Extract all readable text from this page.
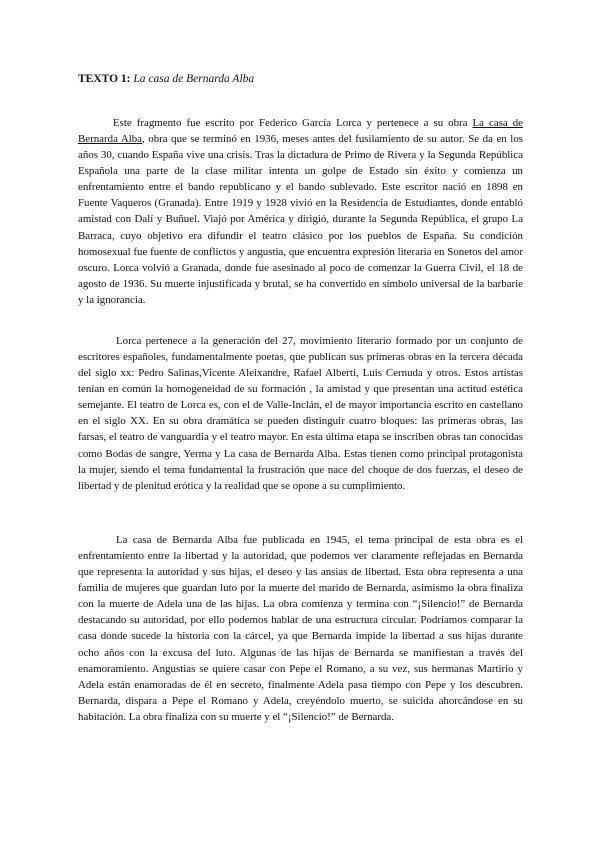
TEXTO 1: La casa de Bernarda Alba

Este fragmento fue escrito por Federico García Lorca y pertenece a su obra La casa de Bernarda Alba, obra que se terminó en 1936, meses antes del fusilamiento de su autor. Se da en los años 30, cuando España vive una crisis. Tras la dictadura de Primo de Rivera y la Segunda República Española una parte de la clase militar intenta un golpe de Estado sin éxito y comienza un enfrentamiento entre el bando republicano y el bando sublevado. Este escritor nació en 1898 en Fuente Vaqueros (Granada). Entre 1919 y 1928 vivió en la Residencia de Estudiantes, donde entabló amistad con Dalí y Buñuel. Viajó por América y dirigió, durante la Segunda República, el grupo La Barraca, cuyo objetivo era difundir el teatro clásico por los pueblos de España. Su condición homosexual fue fuente de conflictos y angustia, que encuentra expresión literaria en Sonetos del amor oscuro. Lorca volvió a Granada, donde fue asesinado al poco de comenzar la Guerra Civil, el 18 de agosto de 1936. Su muerte injustificada y brutal, se ha convertido en símbolo universal de la barbarie y la ignorancia.

Lorca pertenece a la generación del 27, movimiento literario formado por un conjunto de escritores españoles, fundamentalmente poetas, que publican sus primeras obras en la tercera década del siglo xx: Pedro Salinas,Vicente Aleixandre, Rafael Alberti, Luis Cernuda y otros. Estos artistas tenían en común la homogeneidad de su formación , la amistad y que presentan una actitud estética semejante. El teatro de Lorca es, con el de Valle-Inclán, el de mayor importancia escrito en castellano en el siglo XX. En su obra dramática se pueden distinguir cuatro bloques: las primeras obras, las farsas, el teatro de vanguardia y el teatro mayor. En esta última etapa se inscriben obras tan conocidas como Bodas de sangre, Yerma y La casa de Bernarda Alba. Estas tienen como principal protagonista la mujer, siendo el tema fundamental la frustración que nace del choque de dos fuerzas, el deseo de libertad y de plenitud erótica y la realidad que se opone a su cumplimiento.

La casa de Bernarda Alba fue publicada en 1945, el tema principal de esta obra es el enfrentamiento entre la libertad y la autoridad, que podemos ver claramente reflejadas en Bernarda que representa la autoridad y sus hijas, el deseo y las ansias de libertad. Esta obra representa a una familia de mujeres que guardan luto por la muerte del marido de Bernarda, asimismo la obra finaliza con la muerte de Adela una de las hijas. La obra comienza y termina con “¡Silencio!” de Bernarda destacando su autoridad, por ello podemos hablar de una estructura circular. Podríamos comparar la casa donde sucede la historia con la cárcel, ya que Bernarda impide la libertad a sus hijas durante ocho años con la excusa del luto. Algunas de las hijas de Bernarda se manifiestan a través del enamoramiento. Angustias se quiere casar con Pepe el Romano, a su vez, sus hermanas Martirio y Adela están enamoradas de él en secreto, finalmente Adela pasa tiempo con Pepe y los descubren. Bernarda, dispara a Pepe el Romano y Adela, creyéndolo muerto, se suicida ahorcándose en su habitación. La obra finaliza con su muerte y el “¡Silencio!” de Bernarda.
